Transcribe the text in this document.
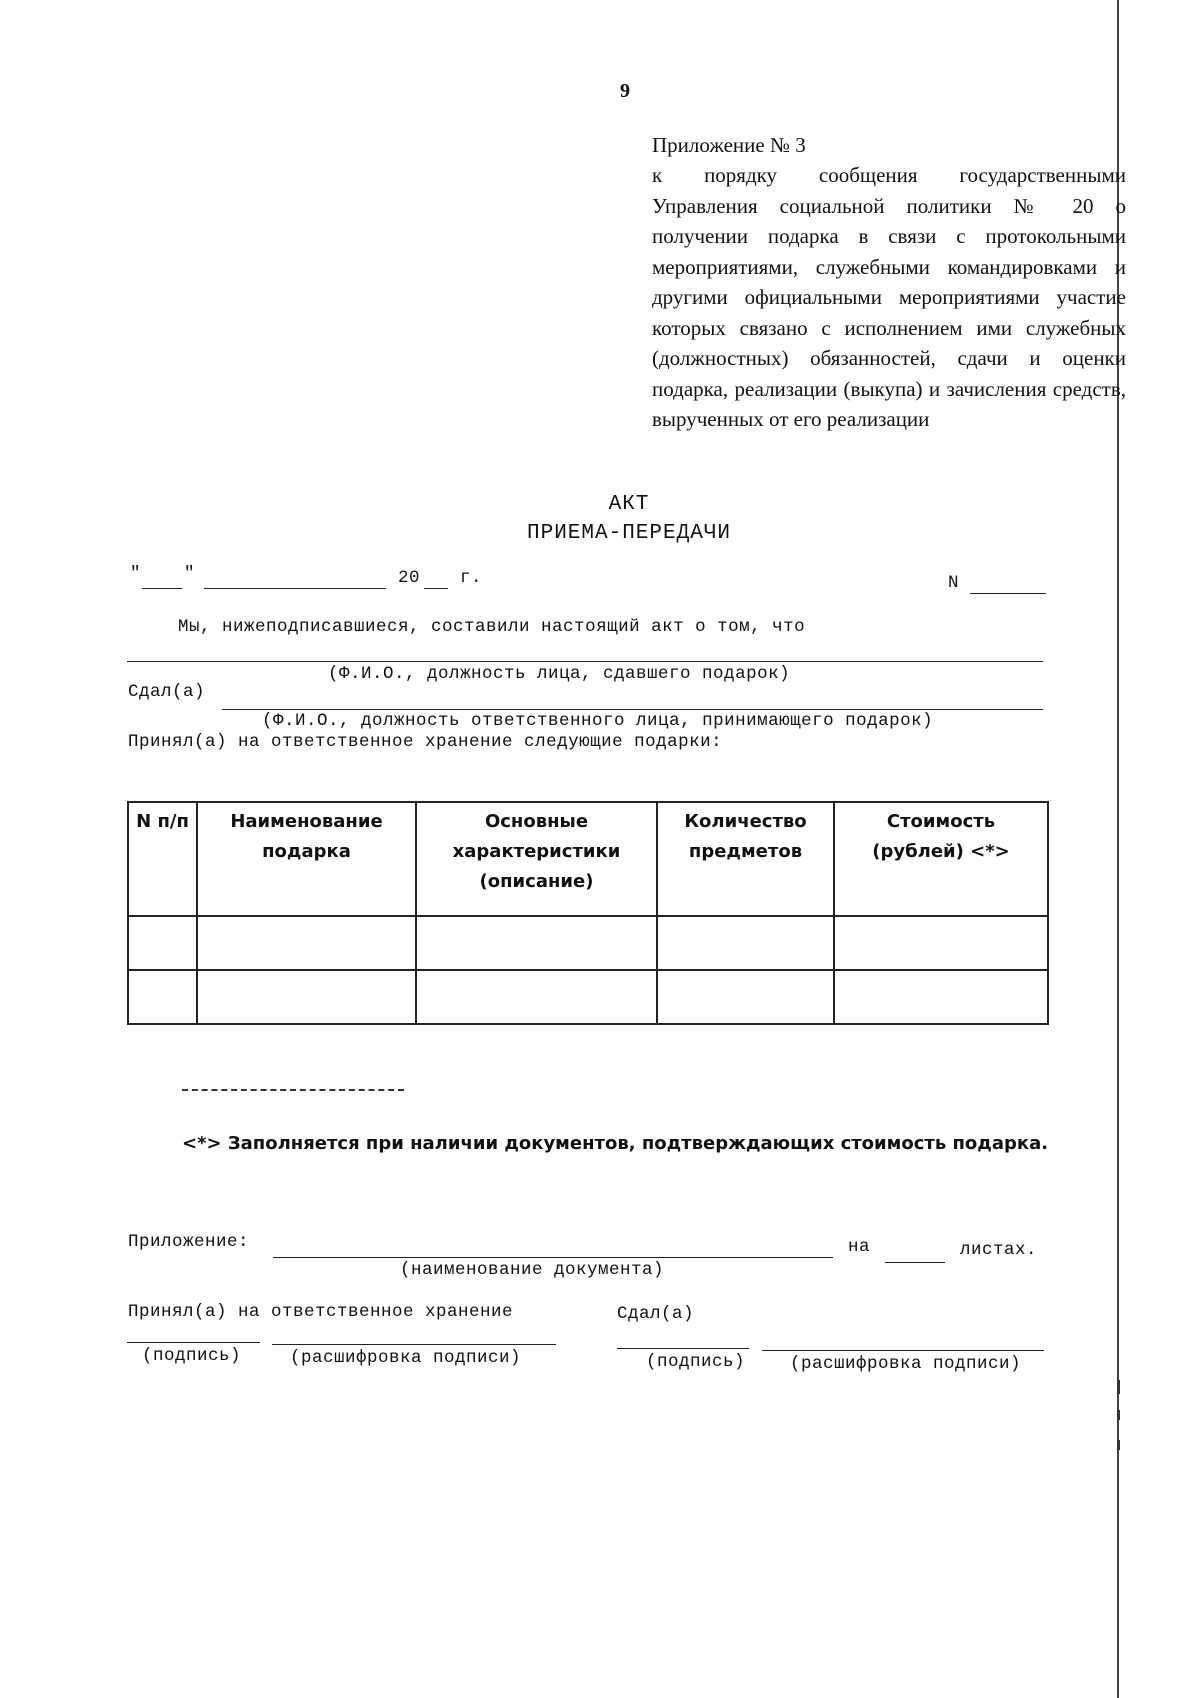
9
Приложение № 3
к порядку сообщения государственными Управления социальной политики № 20 о получении подарка в связи с протокольными мероприятиями, служебными командировками и другими официальными мероприятиями участие которых связано с исполнением ими служебных (должностных) обязанностей, сдачи и оценки подарка, реализации (выкупа) и зачисления средств, вырученных от его реализации
АКТ
ПРИЕМА-ПЕРЕДАЧИ
" "	20 г.	N
Мы, нижеподписавшиеся, составили настоящий акт о том, что
(Ф.И.О., должность лица, сдавшего подарок)
Сдал(а)
(Ф.И.О., должность ответственного лица, принимающего подарок)
Принял(а) на ответственное хранение следующие подарки:
N п/п	Наименование подарка	Основные характеристики (описание)	Количество предметов	Стоимость (рублей) <*>

<*> Заполняется при наличии документов, подтверждающих стоимость подарка.
Приложение:	на	листах.
(наименование документа)
Принял(а) на ответственное хранение	Сдал(а)
(подпись)	(расшифровка подписи)	(подпись)	(расшифровка подписи)
